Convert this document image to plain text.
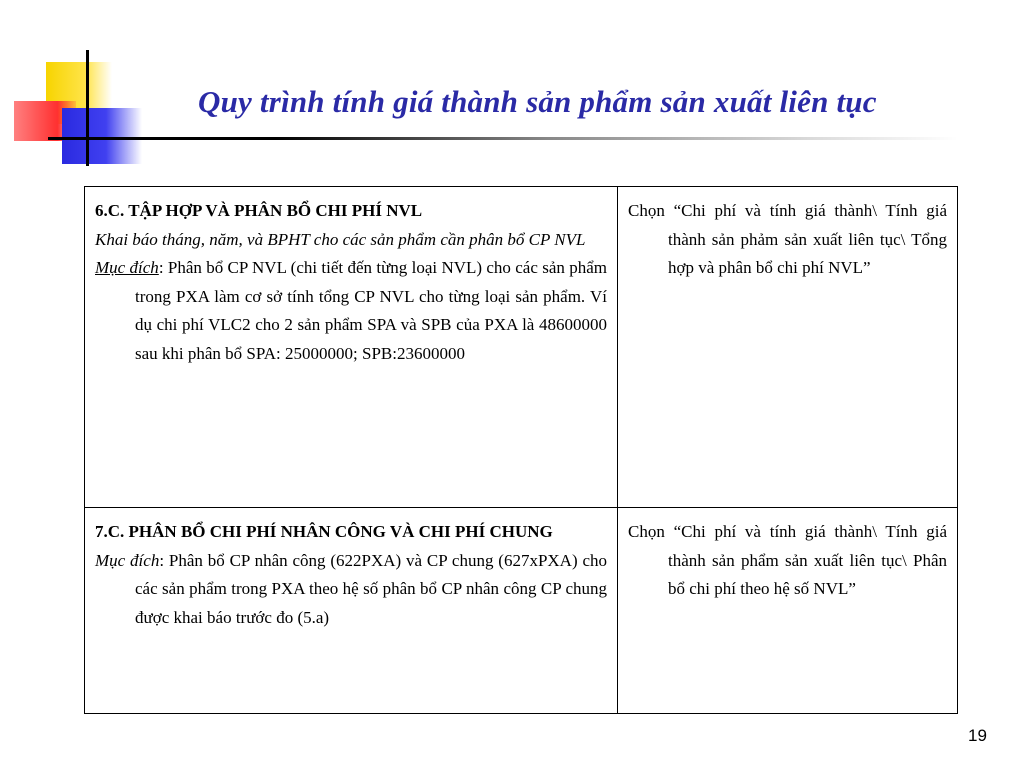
Quy trình tính giá thành sản phẩm sản xuất liên tục

6.C. TẬP HỢP VÀ PHÂN BỔ CHI PHÍ NVL

Khai báo tháng, năm, và BPHT cho các sản phẩm cần phân bổ CP NVL

Mục đích: Phân bổ CP NVL (chi tiết đến từng loại NVL) cho các sản phẩm trong PXA làm cơ sở tính tổng CP NVL cho từng loại sản phẩm. Ví dụ chi phí VLC2 cho 2 sản phẩm SPA và SPB của PXA là 48600000 sau khi phân bổ SPA: 25000000; SPB:23600000	Chọn “Chi phí và tính giá thành\ Tính giá thành sản phảm sản xuất liên tục\ Tổng hợp và phân bổ chi phí NVL”

7.C. PHÂN BỔ CHI PHÍ NHÂN CÔNG VÀ CHI PHÍ CHUNG

Mục đích: Phân bổ CP nhân công (622PXA) và CP chung (627xPXA) cho các sản phẩm trong PXA theo hệ số phân bổ CP nhân công CP chung được khai báo trước đo (5.a)	Chọn “Chi phí và tính giá thành\ Tính giá thành sản phẩm sản xuất liên tục\ Phân bổ chi phí theo hệ số NVL”

19
